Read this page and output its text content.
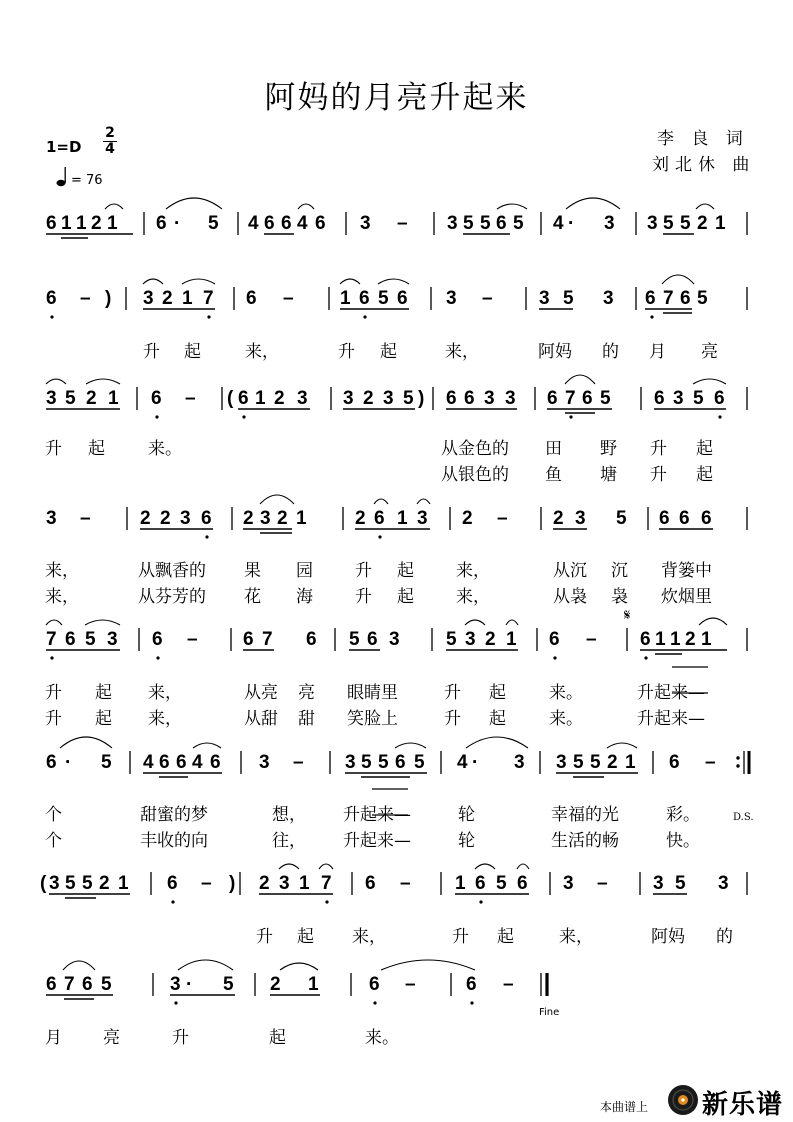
阿妈的月亮升起来
李 良 词
刘北休 曲
1=D
2
4
= 76
6 1 1 2 1 6 · 5 4 6 6 4 6 3 – 3 5 5 6 5 4 · 3 3 5 5 2 1
6 – ) 3 2 1 7 6 – 1 6 5 6 3 – 3 5 3 6 7 6 5
3 5 2 1 6 – ( 6 1 2 3 3 2 3 5 ) 6 6 3 3 6 7 6 5 6 3 5 6
3 –	2 2 3 6 2 3 2 1	2 6 1 3 2 – 2 3 5 6 6 6
7 6 5 3 6 – 6 7 6 5 6 3 5 3 2 1 6 – 6 1 1 2 1
6 · 5 4 6 6 4 6 3 – 3 5 5 6 5 4 · 3 3 5 5 2 1 6 –
( 3 5 5 2 1 6 – ) 2 3 1 7 6 – 1 6 5 6 3 – 3 5 3
6 7 6 5	3 · 5 2 1	6 –	6 –

升 起	来，	升 起	来，	阿妈 的 月 亮

升 起	来。	从金色的 田 野 升 起

从银色的 鱼 塘 升 起

来，	从飘香的 果 园 升 起 来，	从沉 沉 背篓中

来，	从芬芳的 花 海 升 起 来，	从袅 袅 炊烟里

升 起 来，	从亮 亮 眼睛里	升 起	来。	升起来—

升 起 来，	从甜 甜 笑脸上	升 起	来。	升起来—

个	甜蜜的梦	想， 升起来—	轮	幸福的光	彩。

个	丰收的向	往， 升起来—	轮	生活的畅	快。

升 起 来，	升 起	来，	阿妈 的

月 亮	升	起	来。

𝄋
D.S.
Fine
本曲谱上 新乐谱
